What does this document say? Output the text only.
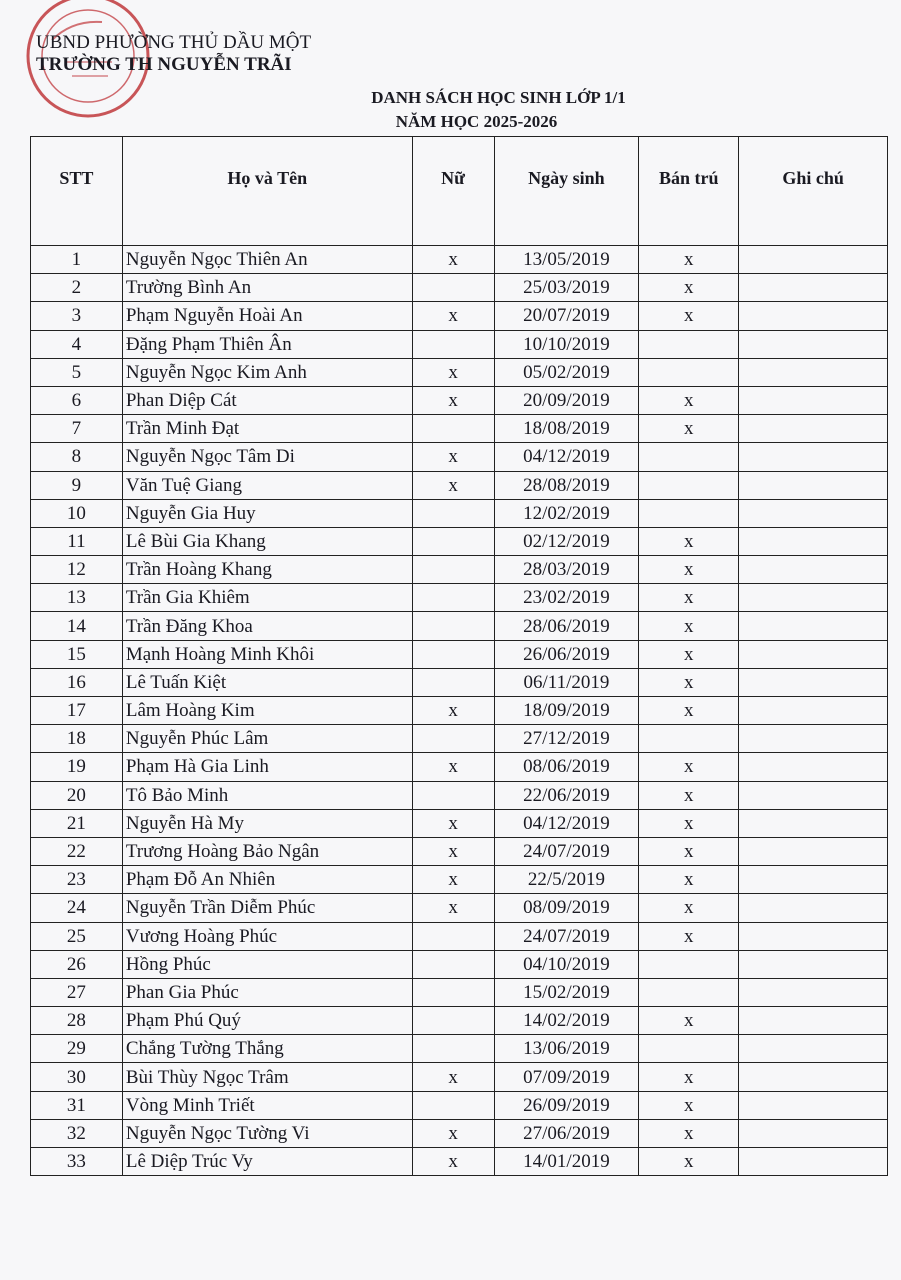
UBND PHƯỜNG THỦ DẦU MỘT
TRƯỜNG TH NGUYỄN TRÃI
DANH SÁCH HỌC SINH LỚP 1/1
NĂM HỌC 2025-2026
STT	Họ và Tên	Nữ	Ngày sinh	Bán trú	Ghi chú
1	Nguyễn Ngọc Thiên An	x	13/05/2019	x	
2	Trường Bình An		25/03/2019	x	
3	Phạm Nguyễn Hoài An	x	20/07/2019	x	
4	Đặng Phạm Thiên Ân		10/10/2019		
5	Nguyễn Ngọc Kim Anh	x	05/02/2019		
6	Phan Diệp Cát	x	20/09/2019	x	
7	Trần Minh Đạt		18/08/2019	x	
8	Nguyễn Ngọc Tâm Di	x	04/12/2019		
9	Văn Tuệ Giang	x	28/08/2019		
10	Nguyễn Gia Huy		12/02/2019		
11	Lê Bùi Gia Khang		02/12/2019	x	
12	Trần Hoàng Khang		28/03/2019	x	
13	Trần Gia Khiêm		23/02/2019	x	
14	Trần Đăng Khoa		28/06/2019	x	
15	Mạnh Hoàng Minh Khôi		26/06/2019	x	
16	Lê Tuấn Kiệt		06/11/2019	x	
17	Lâm Hoàng Kim	x	18/09/2019	x	
18	Nguyễn Phúc Lâm		27/12/2019		
19	Phạm Hà Gia Linh	x	08/06/2019	x	
20	Tô Bảo Minh		22/06/2019	x	
21	Nguyễn Hà My	x	04/12/2019	x	
22	Trương Hoàng Bảo Ngân	x	24/07/2019	x	
23	Phạm Đỗ An Nhiên	x	22/5/2019	x	
24	Nguyễn Trần Diễm Phúc	x	08/09/2019	x	
25	Vương Hoàng Phúc		24/07/2019	x	
26	Hồng Phúc		04/10/2019		
27	Phan Gia Phúc		15/02/2019		
28	Phạm Phú Quý		14/02/2019	x	
29	Chắng Tường Thắng		13/06/2019		
30	Bùi Thùy Ngọc Trâm	x	07/09/2019	x	
31	Vòng Minh Triết		26/09/2019	x	
32	Nguyễn Ngọc Tường Vi	x	27/06/2019	x	
33	Lê Diệp Trúc Vy	x	14/01/2019	x	
